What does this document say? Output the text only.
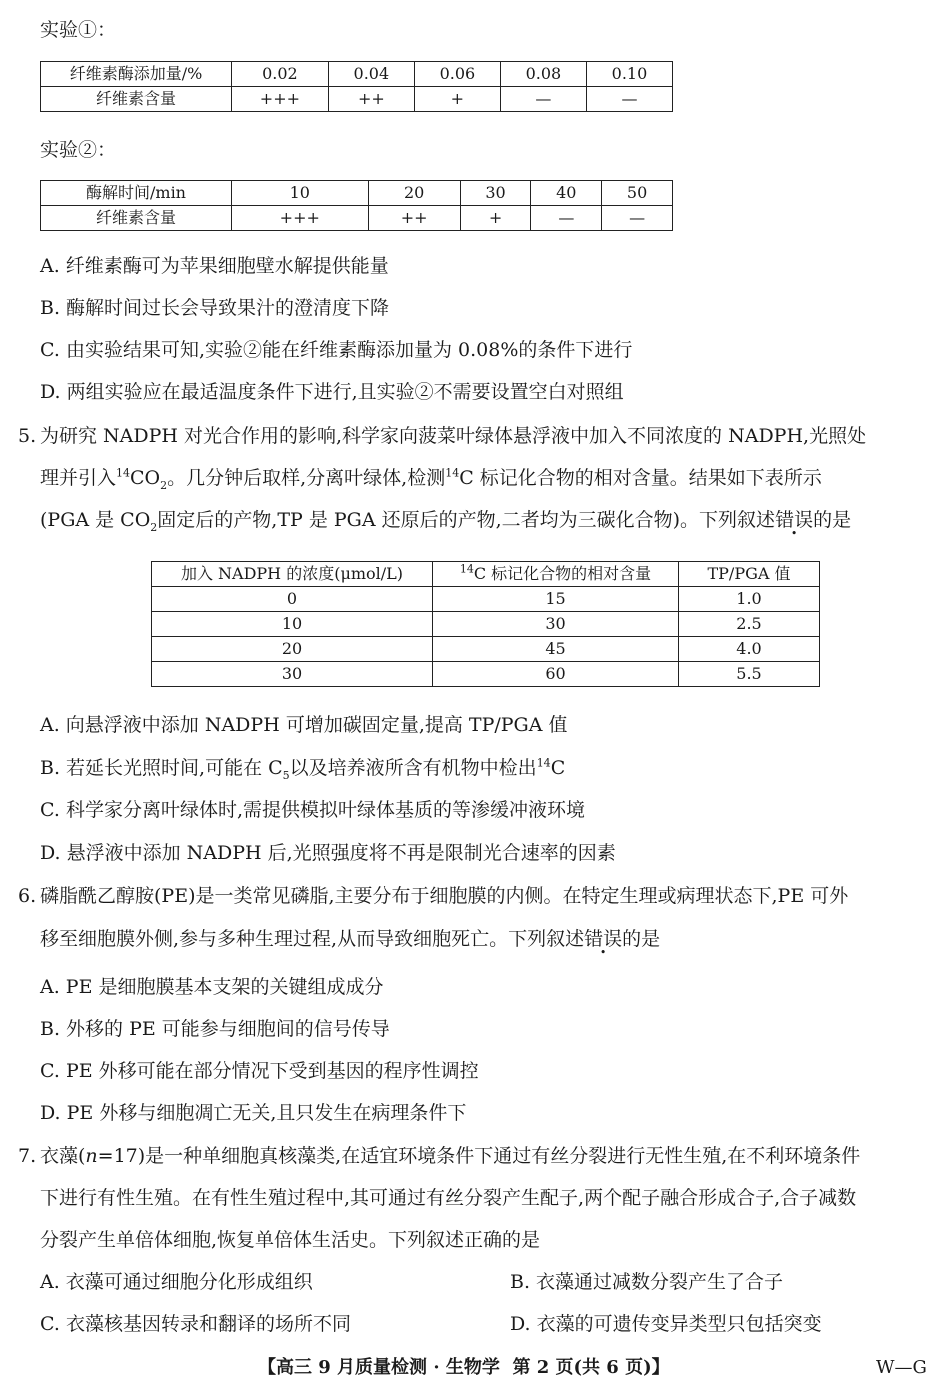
实验①：
纤维素酶添加量/%	0.02	0.04	0.06	0.08	0.10
纤维素含量	+++	++	+	—	—
实验②：
酶解时间/min	10	20	30	40	50
纤维素含量	+++	++	+	—	—
A. 纤维素酶可为苹果细胞壁水解提供能量
B. 酶解时间过长会导致果汁的澄清度下降
C. 由实验结果可知,实验②能在纤维素酶添加量为 0.08%的条件下进行
D. 两组实验应在最适温度条件下进行,且实验②不需要设置空白对照组
5. 为研究 NADPH 对光合作用的影响,科学家向菠菜叶绿体悬浮液中加入不同浓度的 NADPH,光照处
理并引入$^{14}CO_2$。几分钟后取样,分离叶绿体,检测$^{14}$C 标记化合物的相对含量。结果如下表所示
(PGA 是 $CO_2$固定后的产物,TP 是 PGA 还原后的产物,二者均为三碳化合物)。下列叙述错误的是
加入 NADPH 的浓度(μmol/L)	$^{14}$C 标记化合物的相对含量	TP/PGA 值
0	15	1.0
10	30	2.5
20	45	4.0
30	60	5.5
A. 向悬浮液中添加 NADPH 可增加碳固定量,提高 TP/PGA 值
B. 若延长光照时间,可能在 $C_5$以及培养液所含有机物中检出$^{14}$C
C. 科学家分离叶绿体时,需提供模拟叶绿体基质的等渗缓冲液环境
D. 悬浮液中添加 NADPH 后,光照强度将不再是限制光合速率的因素
6. 磷脂酰乙醇胺(PE)是一类常见磷脂,主要分布于细胞膜的内侧。在特定生理或病理状态下,PE 可外
移至细胞膜外侧,参与多种生理过程,从而导致细胞死亡。下列叙述错误的是
A. PE 是细胞膜基本支架的关键组成成分
B. 外移的 PE 可能参与细胞间的信号传导
C. PE 外移可能在部分情况下受到基因的程序性调控
D. PE 外移与细胞凋亡无关,且只发生在病理条件下
7. 衣藻(n=17)是一种单细胞真核藻类,在适宜环境条件下通过有丝分裂进行无性生殖,在不利环境条件
下进行有性生殖。在有性生殖过程中,其可通过有丝分裂产生配子,两个配子融合形成合子,合子减数
分裂产生单倍体细胞,恢复单倍体生活史。下列叙述正确的是
A. 衣藻可通过细胞分化形成组织	B. 衣藻通过减数分裂产生了合子
C. 衣藻核基因转录和翻译的场所不同	D. 衣藻的可遗传变异类型只包括突变
【高三 9 月质量检测 · 生物学 第 2 页(共 6 页)】	W—G
